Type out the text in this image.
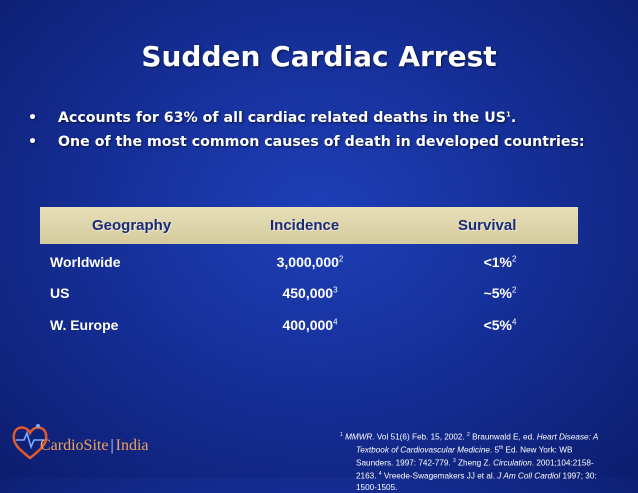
Sudden Cardiac Arrest
• Accounts for 63% of all cardiac related deaths in the $US^1$.
• One of the most common causes of death in developed countries:
Geography	Incidence	Survival
Worldwide	$3,000,000^2$	<1%$^2$
US	450,000$^3$	~5%$^2$
W. Europe	$400,000^4$	<5%$^4$
CardioSite | India
$^1$ MMWR. Vol 51(6) Feb. 15, 2002. $^2$ Braunwald E, ed. Heart Disease: A
Textbook of Cardiovascular Medicine. 5th Ed. New York: WB
Saunders. 1997: 742-779. $^3$ Zheng Z. Circulation. 2001;104:2158-
2163. $^4$ Vreede-Swagemakers JJ et al. J Am Coll Cardiol 1997; 30:
1500-1505.
